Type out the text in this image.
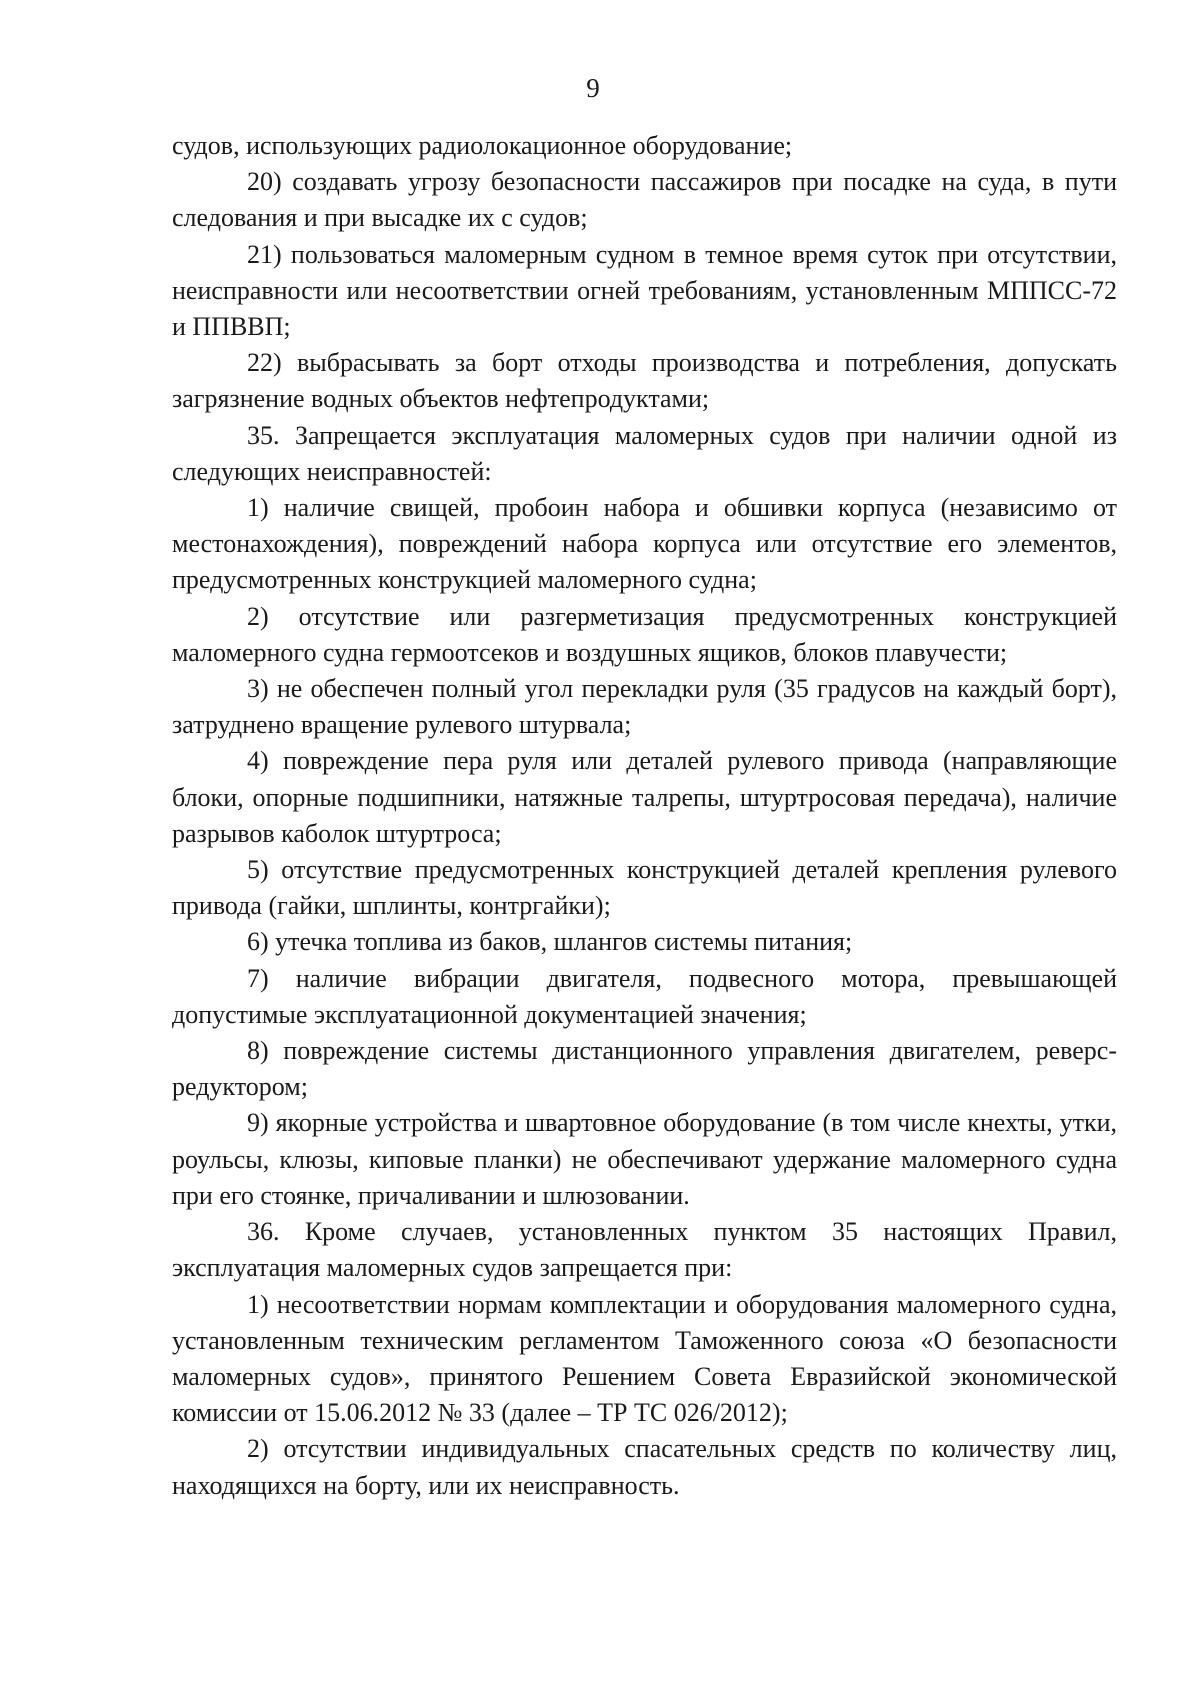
9

судов, использующих радиолокационное оборудование;

20) создавать угрозу безопасности пассажиров при посадке на суда, в пути следования и при высадке их с судов;

21) пользоваться маломерным судном в темное время суток при отсутствии, неисправности или несоответствии огней требованиям, установленным МППСС-72 и ППВВП;

22) выбрасывать за борт отходы производства и потребления, допускать загрязнение водных объектов нефтепродуктами;

35. Запрещается эксплуатация маломерных судов при наличии одной из следующих неисправностей:

1) наличие свищей, пробоин набора и обшивки корпуса (независимо от местонахождения), повреждений набора корпуса или отсутствие его элементов, предусмотренных конструкцией маломерного судна;

2) отсутствие или разгерметизация предусмотренных конструкцией маломерного судна гермоотсеков и воздушных ящиков, блоков плавучести;

3) не обеспечен полный угол перекладки руля (35 градусов на каждый борт), затруднено вращение рулевого штурвала;

4) повреждение пера руля или деталей рулевого привода (направляющие блоки, опорные подшипники, натяжные талрепы, штуртросовая передача), наличие разрывов каболок штуртроса;

5) отсутствие предусмотренных конструкцией деталей крепления рулевого привода (гайки, шплинты, контргайки);

6) утечка топлива из баков, шлангов системы питания;

7) наличие вибрации двигателя, подвесного мотора, превышающей допустимые эксплуатационной документацией значения;

8) повреждение системы дистанционного управления двигателем, реверс-редуктором;

9) якорные устройства и швартовное оборудование (в том числе кнехты, утки, роульсы, клюзы, киповые планки) не обеспечивают удержание маломерного судна при его стоянке, причаливании и шлюзовании.

36. Кроме случаев, установленных пунктом 35 настоящих Правил, эксплуатация маломерных судов запрещается при:

1) несоответствии нормам комплектации и оборудования маломерного судна, установленным техническим регламентом Таможенного союза «О безопасности маломерных судов», принятого Решением Совета Евразийской экономической комиссии от 15.06.2012 № 33 (далее – ТР ТС 026/2012);

2) отсутствии индивидуальных спасательных средств по количеству лиц, находящихся на борту, или их неисправность.
